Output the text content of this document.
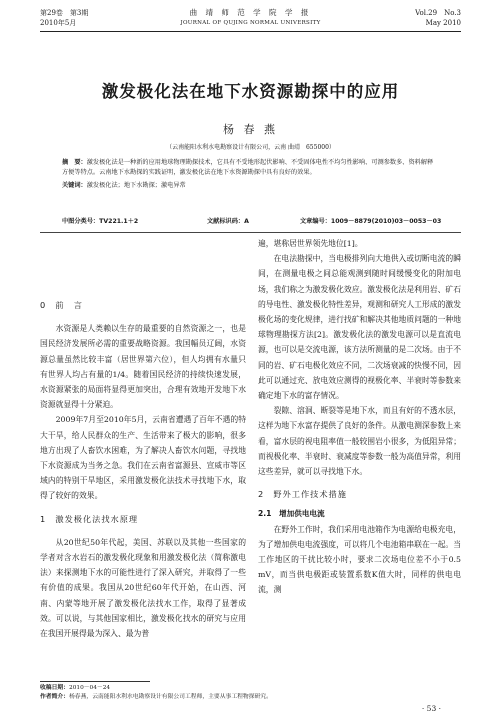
第29卷　第3期
2010年5月
曲 靖 师 范 学 院 学 报
JOURNAL OF QUJING NORMAL UNIVERSITY
Vol.29　No.3
May 2010
激发极化法在地下水资源勘探中的应用
杨 春 燕
（云南能阳水利水电勘察设计有限公司，云南 曲靖　655000）

摘　要：激发极化法是一种新的应用地球物理勘探技术，它具有不受地形起伏影响、不受固体电性不均匀性影响、可测参数多、资料解释方便等特点。云南地下水勘探的实践证明，激发极化法在地下水资源勘探中具有良好的效果。

关键词：激发极化法；地下水勘探；激电异常

中图分类号：TV221.1＋2	文献标识码：A	文章编号：1009－8879(2010)03－0053－03

0　前　言

水资源是人类赖以生存的最重要的自然资源之一，也是国民经济发展所必需的重要战略资源。我国幅员辽阔，水资源总量虽然比较丰富（居世界第六位），但人均拥有水量只有世界人均占有量的1/4。随着国民经济的持续快速发展，水资源紧张的局面将显得更加突出，合理有效地开发地下水资源就显得十分紧迫。

2009年7月至2010年5月，云南省遭遇了百年不遇的特大干旱，给人民群众的生产、生活带来了极大的影响，很多地方出现了人畜饮水困难，为了解决人畜饮水问题，寻找地下水资源成为当务之急。我们在云南省富源县、宣威市等区域内的特别干旱地区，采用激发极化法技术寻找地下水，取得了较好的效果。

1　激发极化法找水原理

从20世纪50年代起，美国、苏联以及其他一些国家的学者对含水岩石的激发极化现象和用激发极化法（简称激电法）来探测地下水的可能性进行了深入研究，并取得了一些有价值的成果。我国从20世纪60年代开始，在山西、河南、内蒙等地开展了激发极化法找水工作，取得了显著成效。可以说，与其他国家相比，激发极化找水的研究与应用在我国开展得最为深入、最为普

遍，堪称居世界领先地位[1]。

在电法勘探中，当电极排列向大地供入或切断电流的瞬间，在测量电极之间总能观测到随时间缓慢变化的附加电场，我们称之为激发极化效应。激发极化法是利用岩、矿石的导电性、激发极化特性差异，观测和研究人工形成的激发极化场的变化规律，进行找矿和解决其他地质问题的一种地球物理勘探方法[2]。激发极化法的激发电源可以是直流电源，也可以是交流电源，该方法所测量的是二次场。由于不同的岩、矿石电极化效应不同，二次场衰减的快慢不同，因此可以通过充、放电效应测得的视极化率、半衰时等参数来确定地下水的富存情况。

裂隙、溶洞、断裂等是地下水，而且有好的不透水层，这样为地下水富存提供了良好的条件。从激电测深参数上来看，富水层的视电阻率值一般较围岩小很多，为低阻异常；而视极化率、半衰时、衰减度等参数一般为高值异常，利用这些差异，就可以寻找地下水。

2　野外工作技术措施

2.1　增加供电电流

在野外工作时，我们采用电池箱作为电源给电极充电，为了增加供电电流强度，可以将几个电池箱串联在一起。当工作地区的干扰比较小时，要求二次场电位差不小于0.5 mV，而当供电极距或装置系数K值大时，同样的供电电流，测

收稿日期：2010－04－24
作者简介：杨春燕，云南能阳水利水电勘察设计有限公司工程师，主要从事工程物探研究。
· 53 ·
